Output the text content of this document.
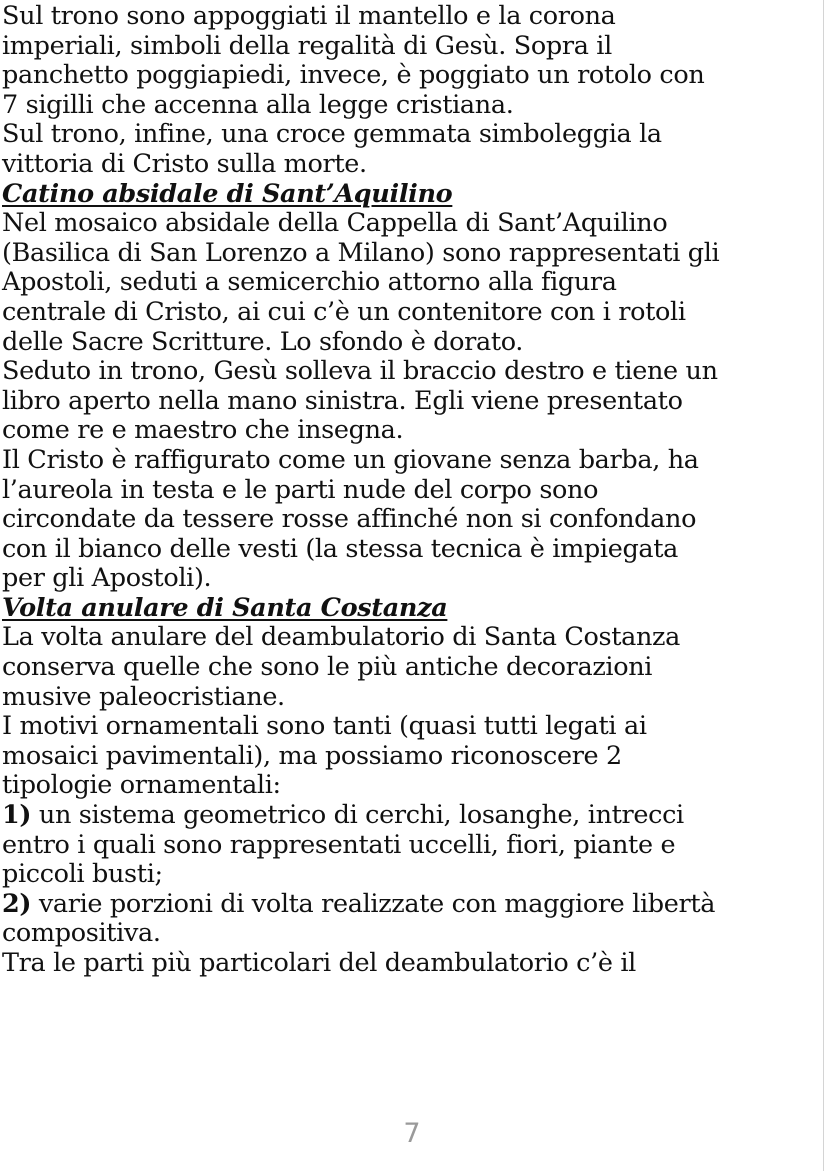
Sul trono sono appoggiati il mantello e la corona
imperiali, simboli della regalità di Gesù. Sopra il
panchetto poggiapiedi, invece, è poggiato un rotolo con
7 sigilli che accenna alla legge cristiana.
Sul trono, infine, una croce gemmata simboleggia la
vittoria di Cristo sulla morte.
Catino absidale di Sant’Aquilino
Nel mosaico absidale della Cappella di Sant’Aquilino
(Basilica di San Lorenzo a Milano) sono rappresentati gli
Apostoli, seduti a semicerchio attorno alla figura
centrale di Cristo, ai cui c’è un contenitore con i rotoli
delle Sacre Scritture. Lo sfondo è dorato.
Seduto in trono, Gesù solleva il braccio destro e tiene un
libro aperto nella mano sinistra. Egli viene presentato
come re e maestro che insegna.
Il Cristo è raffigurato come un giovane senza barba, ha
l’aureola in testa e le parti nude del corpo sono
circondate da tessere rosse affinché non si confondano
con il bianco delle vesti (la stessa tecnica è impiegata
per gli Apostoli).
Volta anulare di Santa Costanza
La volta anulare del deambulatorio di Santa Costanza
conserva quelle che sono le più antiche decorazioni
musive paleocristiane.
I motivi ornamentali sono tanti (quasi tutti legati ai
mosaici pavimentali), ma possiamo riconoscere 2
tipologie ornamentali:
1) un sistema geometrico di cerchi, losanghe, intrecci
entro i quali sono rappresentati uccelli, fiori, piante e
piccoli busti;
2) varie porzioni di volta realizzate con maggiore libertà
compositiva.
Tra le parti più particolari del deambulatorio c’è il
7
